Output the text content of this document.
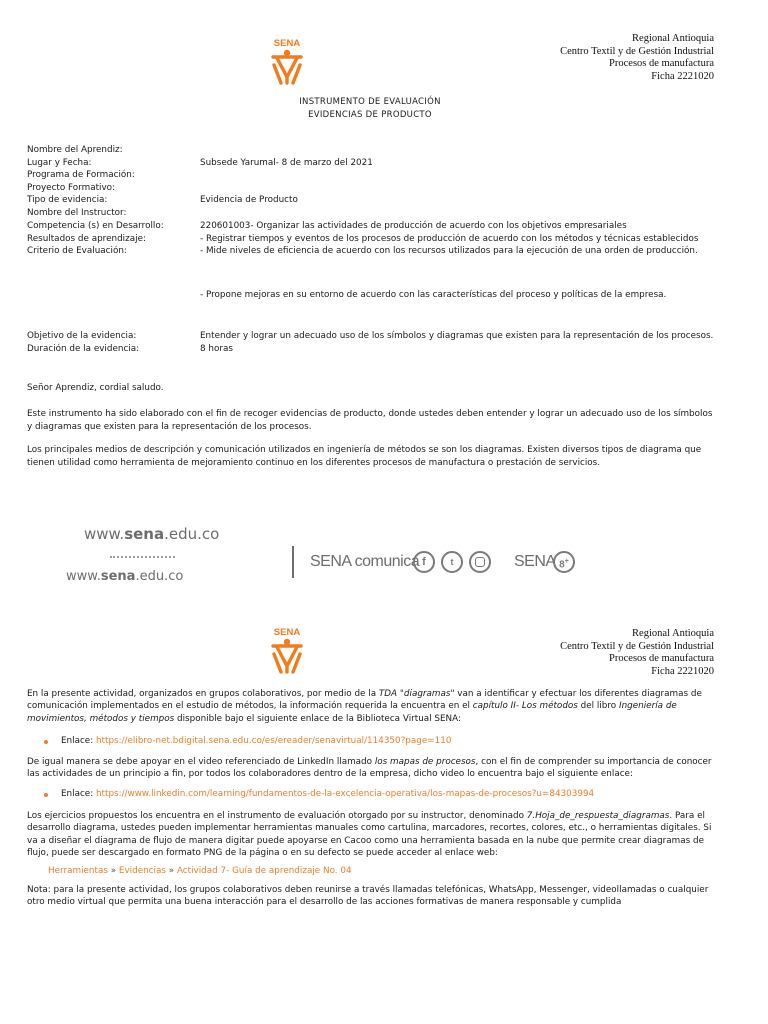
SENA	Regional Antioquia
Centro Textil y de Gestión Industrial
Procesos de manufactura
Ficha 2221020
INSTRUMENTO DE EVALUACIÓN
EVIDENCIAS DE PRODUCTO
Nombre del Aprendiz:
Lugar y Fecha:	Subsede Yarumal- 8 de marzo del 2021
Programa de Formación:
Proyecto Formativo:
Tipo de evidencia:	Evidencia de Producto
Nombre del Instructor:
Competencia (s) en Desarrollo:	220601003- Organizar las actividades de producción de acuerdo con los objetivos empresariales
Resultados de aprendizaje:	- Registrar tiempos y eventos de los procesos de producción de acuerdo con los métodos y técnicas establecidos
Criterio de Evaluación:	- Mide niveles de eficiencia de acuerdo con los recursos utilizados para la ejecución de una orden de producción.
- Propone mejoras en su entorno de acuerdo con las características del proceso y políticas de la empresa.
Objetivo de la evidencia:	Entender y lograr un adecuado uso de los símbolos y diagramas que existen para la representación de los procesos.
Duración de la evidencia:	8 horas
Señor Aprendiz, cordial saludo.
Este instrumento ha sido elaborado con el fin de recoger evidencias de producto, donde ustedes deben entender y lograr un adecuado uso de los símbolos y diagramas que existen para la representación de los procesos.
Los principales medios de descripción y comunicación utilizados en ingeniería de métodos se son los diagramas. Existen diversos tipos de diagrama que tienen utilidad como herramienta de mejoramiento continuo en los diferentes procesos de manufactura o prestación de servicios.
www.sena.edu.co
www.sena.edu.co
SENA comunica f	t	SENA 8+
SENA	Regional Antioquia
Centro Textil y de Gestión Industrial
Procesos de manufactura
Ficha 2221020
En la presente actividad, organizados en grupos colaborativos, por medio de la TDA "diagramas" van a identificar y efectuar los diferentes diagramas de comunicación implementados en el estudio de métodos, la información requerida la encuentra en el capítulo II- Los métodos del libro Ingeniería de movimientos, métodos y tiempos disponible bajo el siguiente enlace de la Biblioteca Virtual SENA:
Enlace: https://elibro-net.bdigital.sena.edu.co/es/ereader/senavirtual/114350?page=110
De igual manera se debe apoyar en el video referenciado de LinkedIn llamado los mapas de procesos, con el fin de comprender su importancia de conocer las actividades de un principio a fin, por todos los colaboradores dentro de la empresa, dicho video lo encuentra bajo el siguiente enlace:
Enlace: https://www.linkedin.com/learning/fundamentos-de-la-excelencia-operativa/los-mapas-de-procesos?u=84303994
Los ejercicios propuestos los encuentra en el instrumento de evaluación otorgado por su instructor, denominado 7.Hoja_de_respuesta_diagramas. Para el desarrollo diagrama, ustedes pueden implementar herramientas manuales como cartulina, marcadores, recortes, colores, etc., o herramientas digitales. Si va a diseñar el diagrama de flujo de manera digitar puede apoyarse en Cacoo como una herramienta basada en la nube que permite crear diagramas de flujo, puede ser descargado en formato PNG de la página o en su defecto se puede acceder al enlace web:
Herramientas » Evidencias » Actividad 7- Guía de aprendizaje No. 04
Nota: para la presente actividad, los grupos colaborativos deben reunirse a través llamadas telefónicas, WhatsApp, Messenger, videollamadas o cualquier otro medio virtual que permita una buena interacción para el desarrollo de las acciones formativas de manera responsable y cumplida
